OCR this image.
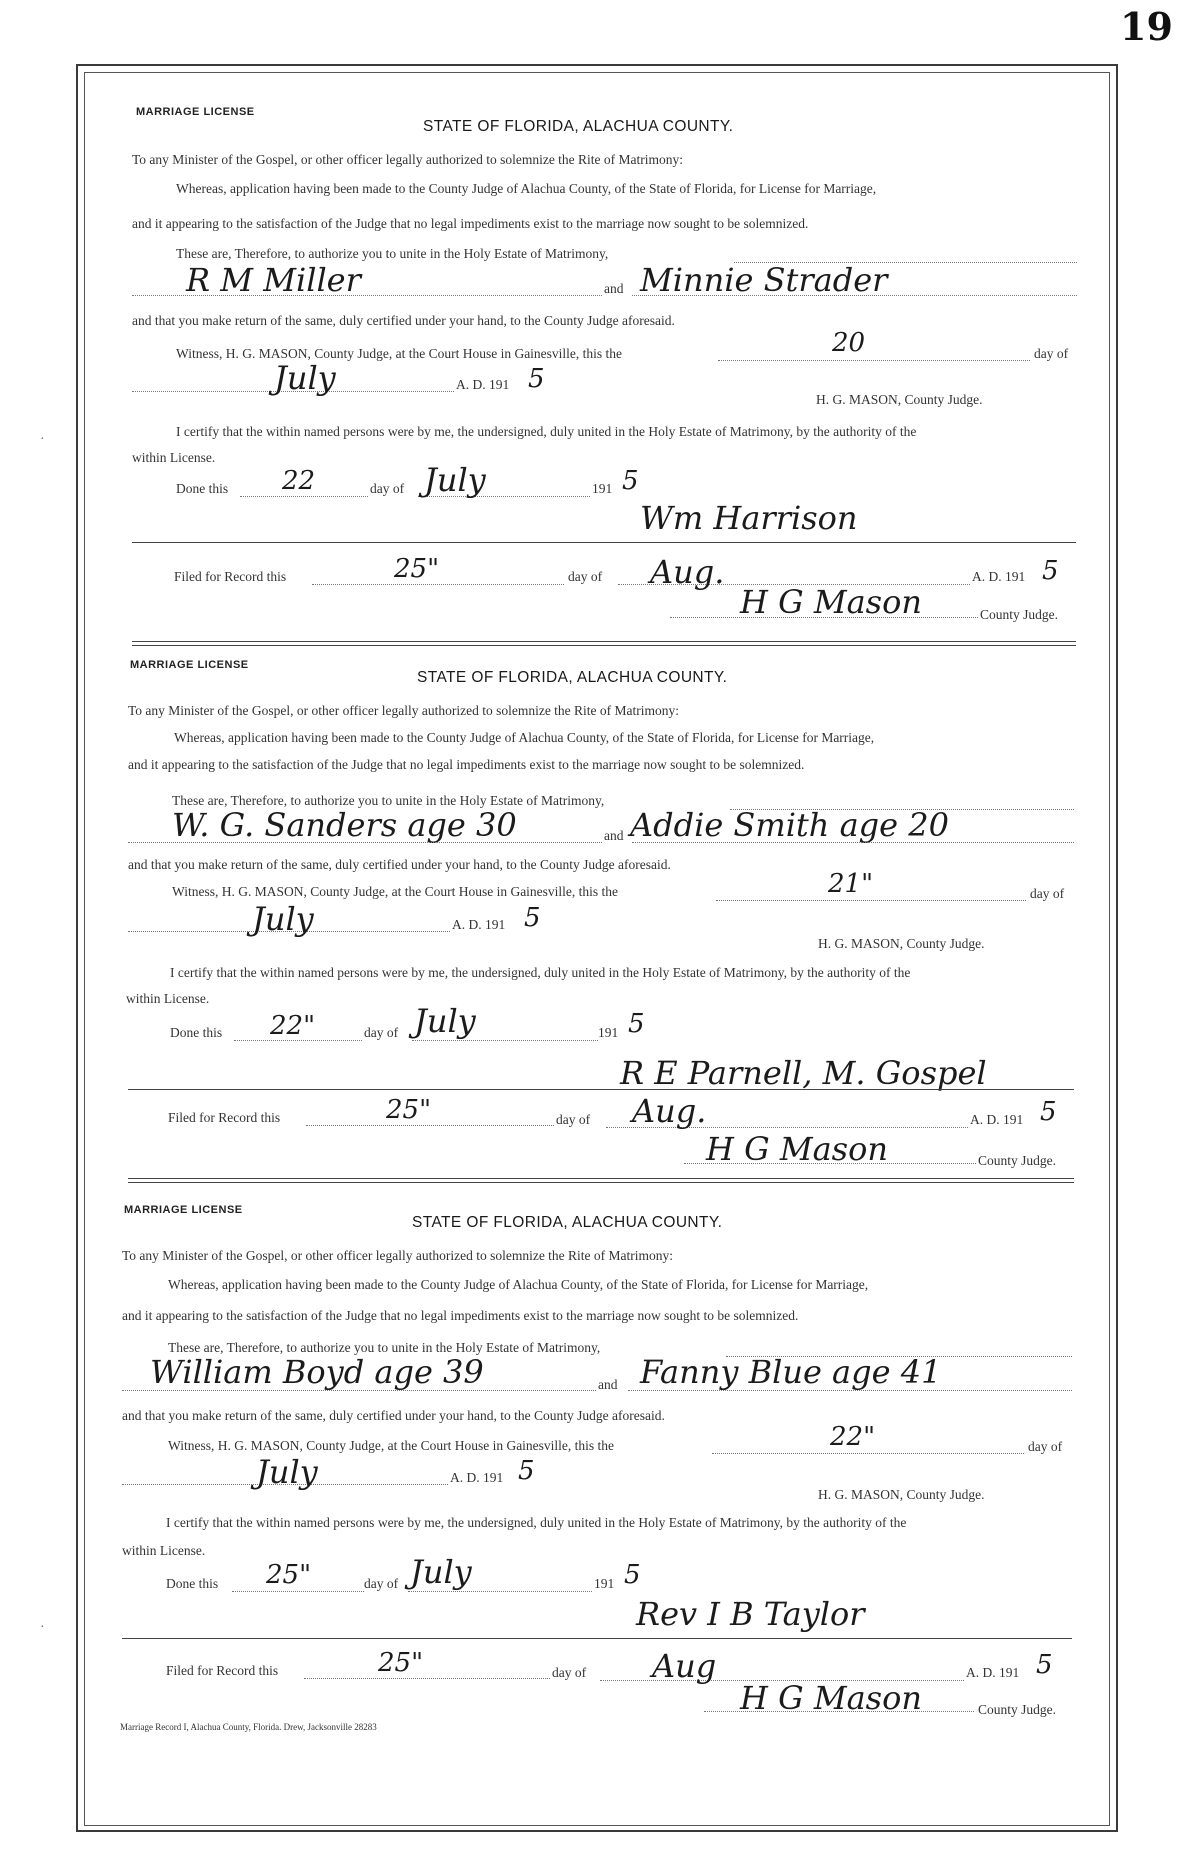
19
·
·
MARRIAGE LICENSE
STATE OF FLORIDA, ALACHUA COUNTY.
To any Minister of the Gospel, or other officer legally authorized to solemnize the Rite of Matrimony:
Whereas, application having been made to the County Judge of Alachua County, of the State of Florida, for License for Marriage,
and it appearing to the satisfaction of the Judge that no legal impediments exist to the marriage now sought to be solemnized.
These are, Therefore, to authorize you to unite in the Holy Estate of Matrimony,
R M Miller	and Minnie Strader
and that you make return of the same, duly certified under your hand, to the County Judge aforesaid.
Witness, H. G. MASON, County Judge, at the Court House in Gainesville, this the	20	day of
July	A. D. 191 5
H. G. MASON, County Judge.
I certify that the within named persons were by me, the undersigned, duly united in the Holy Estate of Matrimony, by the authority of the
within License.
Done this 22	day of July	191 5
Wm Harrison
Filed for Record this	25"	day of Aug.	A. D. 191 5
H G Mason	County Judge.
MARRIAGE LICENSE
STATE OF FLORIDA, ALACHUA COUNTY.
To any Minister of the Gospel, or other officer legally authorized to solemnize the Rite of Matrimony:
Whereas, application having been made to the County Judge of Alachua County, of the State of Florida, for License for Marriage,
and it appearing to the satisfaction of the Judge that no legal impediments exist to the marriage now sought to be solemnized.
These are, Therefore, to authorize you to unite in the Holy Estate of Matrimony,
W. G. Sanders age 30	and Addie Smith age 20
and that you make return of the same, duly certified under your hand, to the County Judge aforesaid.
Witness, H. G. MASON, County Judge, at the Court House in Gainesville, this the	21"	day of
July	A. D. 191 5
H. G. MASON, County Judge.
I certify that the within named persons were by me, the undersigned, duly united in the Holy Estate of Matrimony, by the authority of the
within License.
Done this 22"	day of July	191 5
R E Parnell, M. Gospel
Filed for Record this	25"	day of Aug.	A. D. 191 5
H G Mason	County Judge.
MARRIAGE LICENSE
STATE OF FLORIDA, ALACHUA COUNTY.
To any Minister of the Gospel, or other officer legally authorized to solemnize the Rite of Matrimony:
Whereas, application having been made to the County Judge of Alachua County, of the State of Florida, for License for Marriage,
and it appearing to the satisfaction of the Judge that no legal impediments exist to the marriage now sought to be solemnized.
These are, Therefore, to authorize you to unite in the Holy Estate of Matrimony,
William Boyd age 39	and Fanny Blue age 41
and that you make return of the same, duly certified under your hand, to the County Judge aforesaid.
Witness, H. G. MASON, County Judge, at the Court House in Gainesville, this the	22"	day of
July	A. D. 191 5
H. G. MASON, County Judge.
I certify that the within named persons were by me, the undersigned, duly united in the Holy Estate of Matrimony, by the authority of the
within License.
Done this 25"	day of July	191 5
Rev I B Taylor
Filed for Record this	25"	day of Aug	A. D. 191 5
H G Mason	County Judge.
Marriage Record I, Alachua County, Florida. Drew, Jacksonville 28283
